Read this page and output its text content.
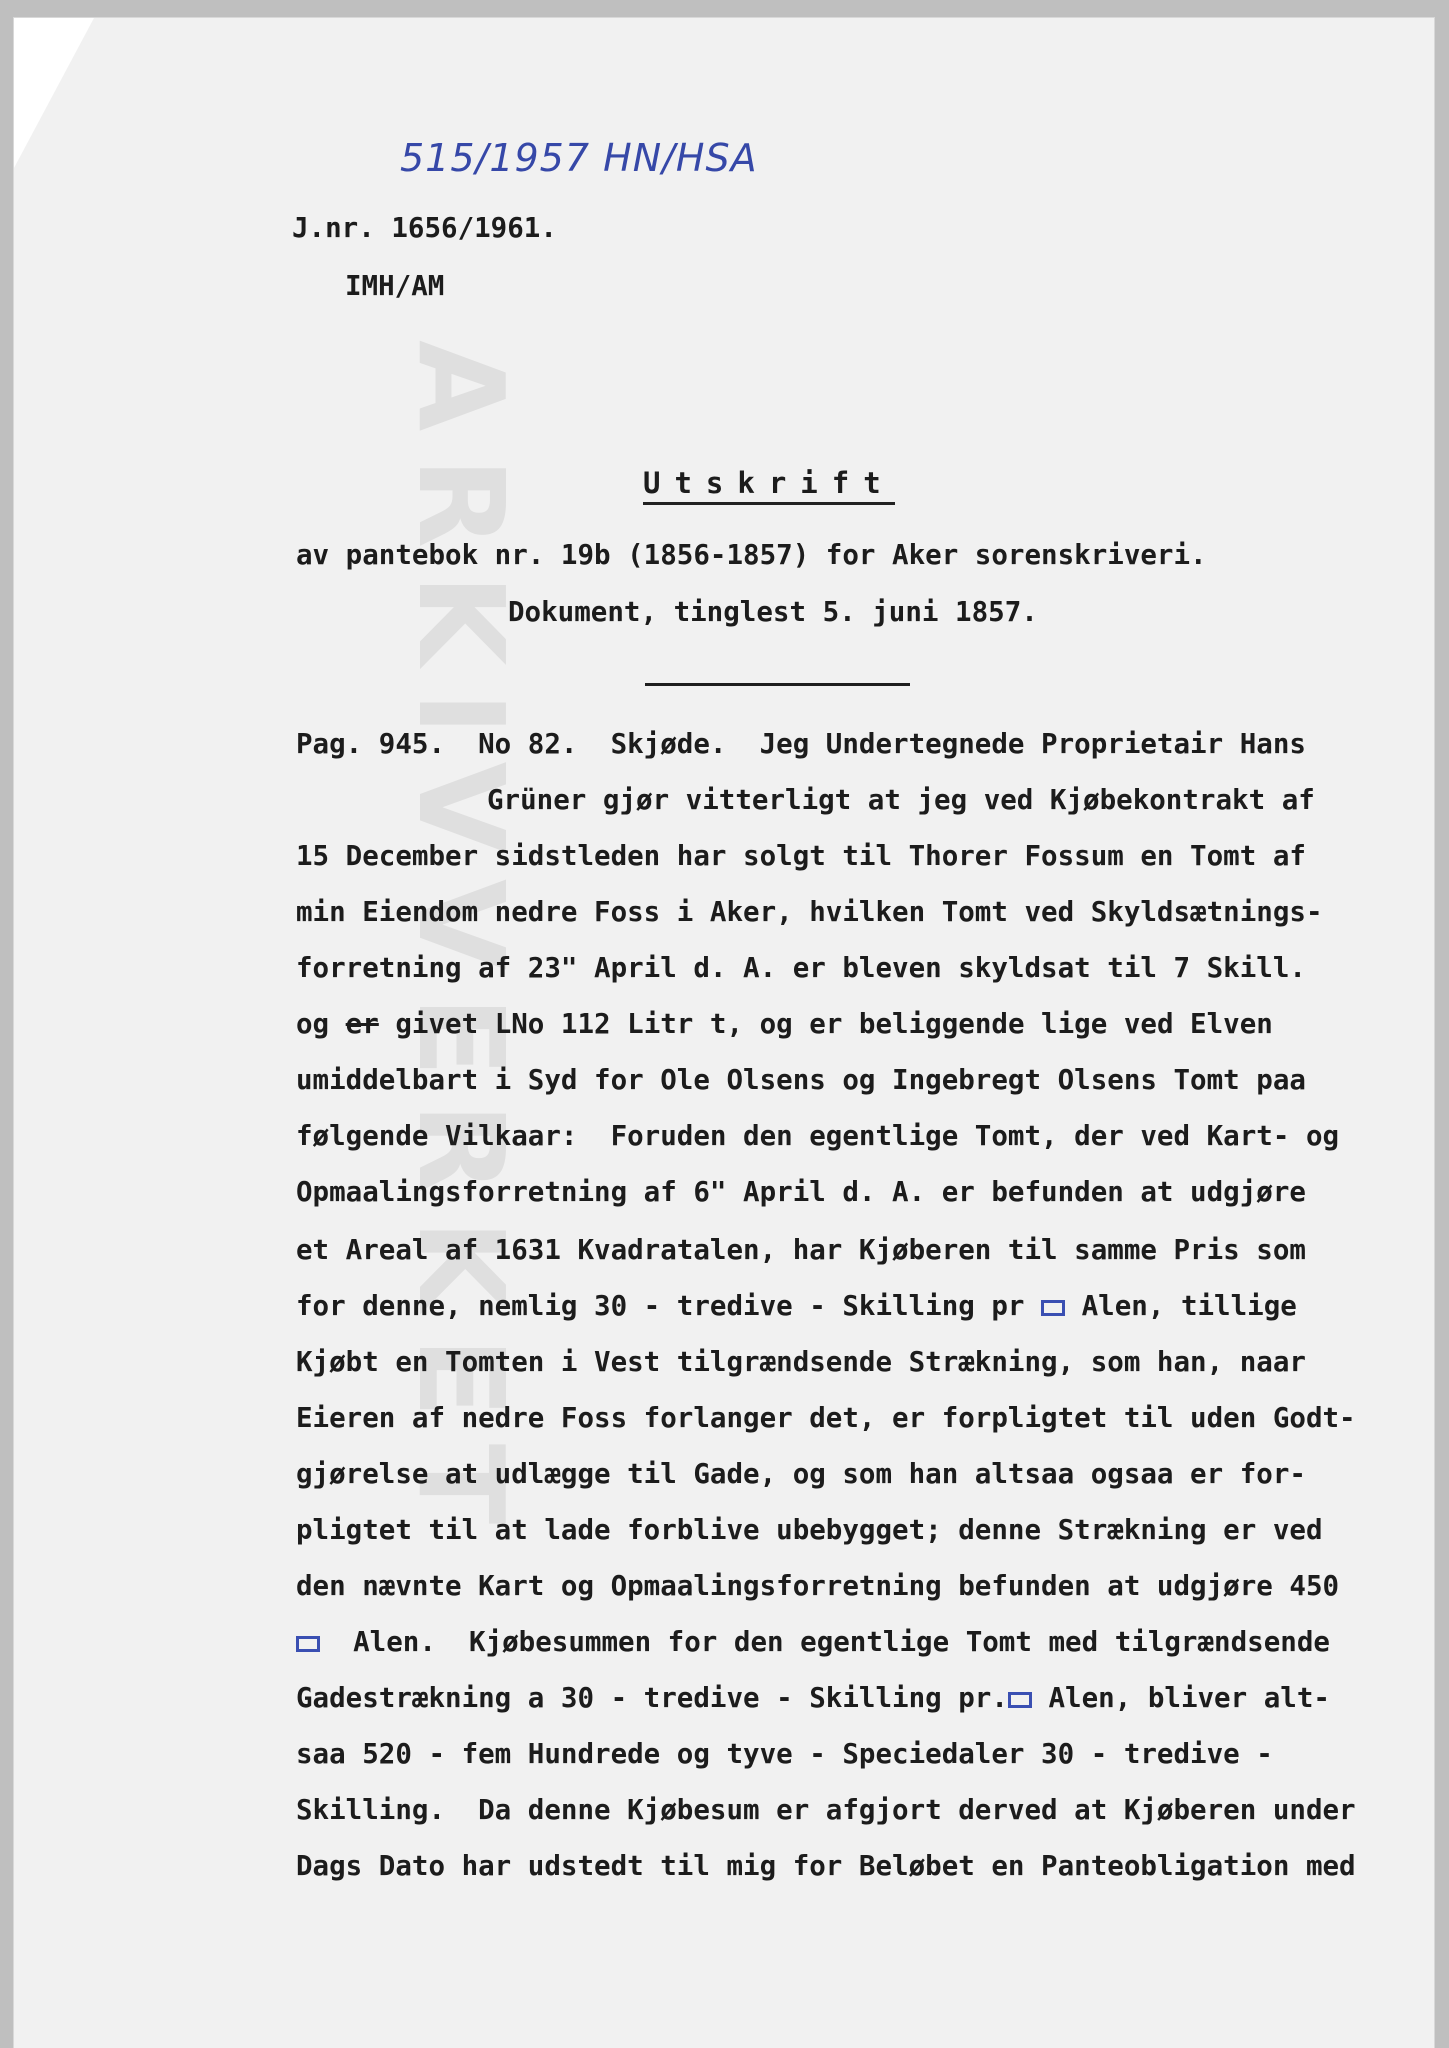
ARKIVVERKET
515/1957 HN/HSA
J.nr. 1656/1961.
IMH/AM
Utskrift
av pantebok nr. 19b (1856-1857) for Aker sorenskriveri.
Dokument, tinglest 5. juni 1857.
Pag. 945.  No 82.  Skjøde.  Jeg Undertegnede Proprietair Hans
Grüner gjør vitterligt at jeg ved Kjøbekontrakt af
15 December sidstleden har solgt til Thorer Fossum en Tomt af
min Eiendom nedre Foss i Aker, hvilken Tomt ved Skyldsætnings-
forretning af 23" April d. A. er bleven skyldsat til 7 Skill.
og er givet LNo 112 Litr t, og er beliggende lige ved Elven
umiddelbart i Syd for Ole Olsens og Ingebregt Olsens Tomt paa
følgende Vilkaar:  Foruden den egentlige Tomt, der ved Kart- og
Opmaalingsforretning af 6" April d. A. er befunden at udgjøre
et Areal af 1631 Kvadratalen, har Kjøberen til samme Pris som
for denne, nemlig 30 - tredive - Skilling pr  Alen, tillige
Kjøbt en Tomten i Vest tilgrændsende Strækning, som han, naar
Eieren af nedre Foss forlanger det, er forpligtet til uden Godt-
gjørelse at udlægge til Gade, og som han altsaa ogsaa er for-
pligtet til at lade forblive ubebygget; denne Strækning er ved
den nævnte Kart og Opmaalingsforretning befunden at udgjøre 450
Alen.  Kjøbesummen for den egentlige Tomt med tilgrændsende
Gadestrækning a 30 - tredive - Skilling pr. Alen, bliver alt-
saa 520 - fem Hundrede og tyve - Speciedaler 30 - tredive -
Skilling.  Da denne Kjøbesum er afgjort derved at Kjøberen under
Dags Dato har udstedt til mig for Beløbet en Panteobligation med
